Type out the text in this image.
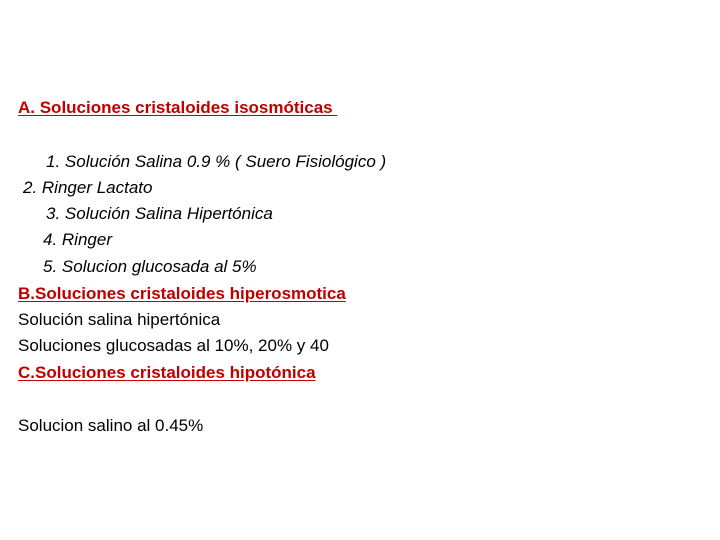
A. Soluciones cristaloides isosmóticas
1. Solución Salina 0.9 % ( Suero Fisiológico )
2. Ringer Lactato
3. Solución Salina Hipertónica
4. Ringer
5. Solucion glucosada al 5%
B.Soluciones cristaloides hiperosmotica
Solución salina hipertónica
Soluciones glucosadas al 10%, 20% y 40
C.Soluciones cristaloides hipotónica
Solucion salino al 0.45%
